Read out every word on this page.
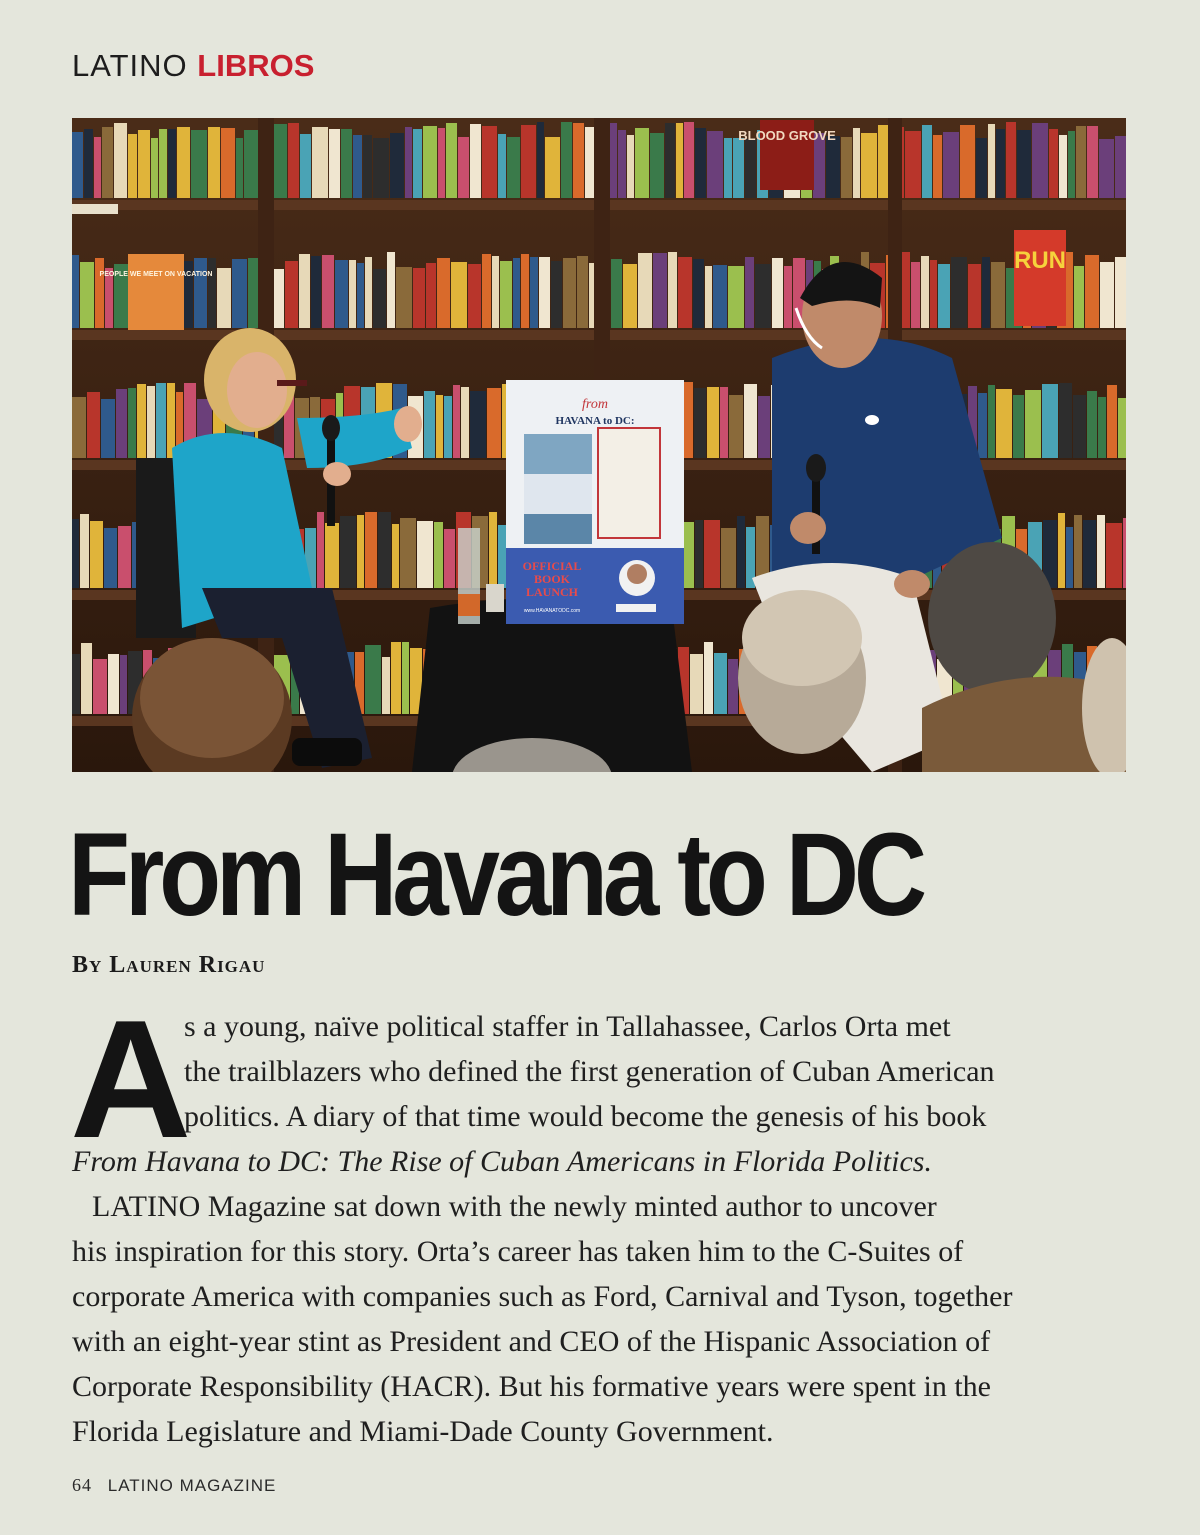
LATINO LIBROS
BLOOD GROVE
PEOPLE WE MEET ON VACATION
RUN
from
HAVANA to DC:
OFFICIAL
BOOK
LAUNCH
www.HAVANATODC.com
From Havana to DC
By Lauren Rigau
A
s a young, naïve political staffer in Tallahassee, Carlos Orta met
the trailblazers who defined the first generation of Cuban American
politics. A diary of that time would become the genesis of his book
From Havana to DC: The Rise of Cuban Americans in Florida Politics.
LATINO Magazine sat down with the newly minted author to uncover
his inspiration for this story. Orta’s career has taken him to the C-Suites of
corporate America with companies such as Ford, Carnival and Tyson, together
with an eight-year stint as President and CEO of the Hispanic Association of
Corporate Responsibility (HACR). But his formative years were spent in the
Florida Legislature and Miami-Dade County Government.
64 LATINO MAGAZINE
